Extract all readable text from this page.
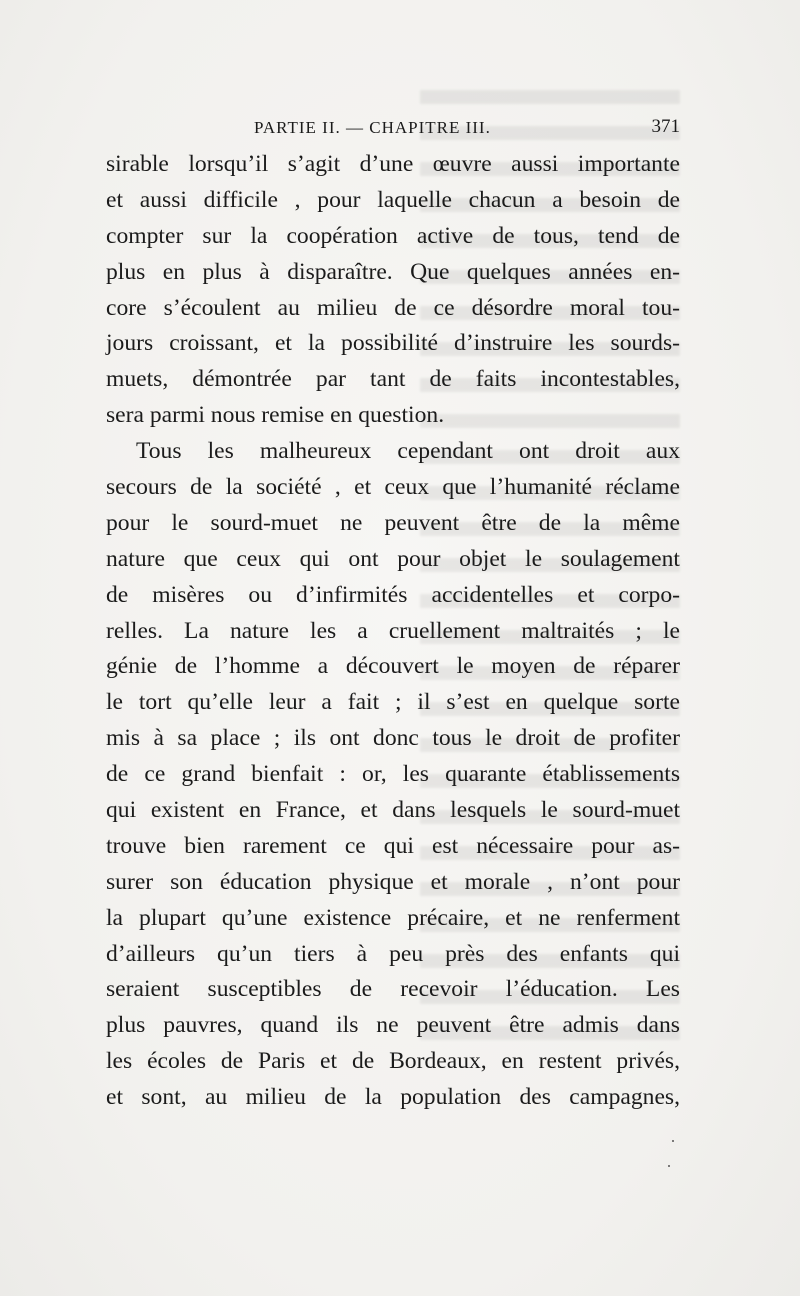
PARTIE II. — CHAPITRE III.	371
sirable lorsqu’il s’agit d’une œuvre aussi importante
et aussi difficile , pour laquelle chacun a besoin de
compter sur la coopération active de tous, tend de
plus en plus à disparaître. Que quelques années en-
core s’écoulent au milieu de ce désordre moral tou-
jours croissant, et la possibilité d’instruire les sourds-
muets, démontrée par tant de faits incontestables,
sera parmi nous remise en question.
Tous les malheureux cependant ont droit aux
secours de la société , et ceux que l’humanité réclame
pour le sourd-muet ne peuvent être de la même
nature que ceux qui ont pour objet le soulagement
de misères ou d’infirmités accidentelles et corpo-
relles. La nature les a cruellement maltraités ; le
génie de l’homme a découvert le moyen de réparer
le tort qu’elle leur a fait ; il s’est en quelque sorte
mis à sa place ; ils ont donc tous le droit de profiter
de ce grand bienfait : or, les quarante établissements
qui existent en France, et dans lesquels le sourd-muet
trouve bien rarement ce qui est nécessaire pour as-
surer son éducation physique et morale , n’ont pour
la plupart qu’une existence précaire, et ne renferment
d’ailleurs qu’un tiers à peu près des enfants qui
seraient susceptibles de recevoir l’éducation. Les
plus pauvres, quand ils ne peuvent être admis dans
les écoles de Paris et de Bordeaux, en restent privés,
et sont, au milieu de la population des campagnes,
